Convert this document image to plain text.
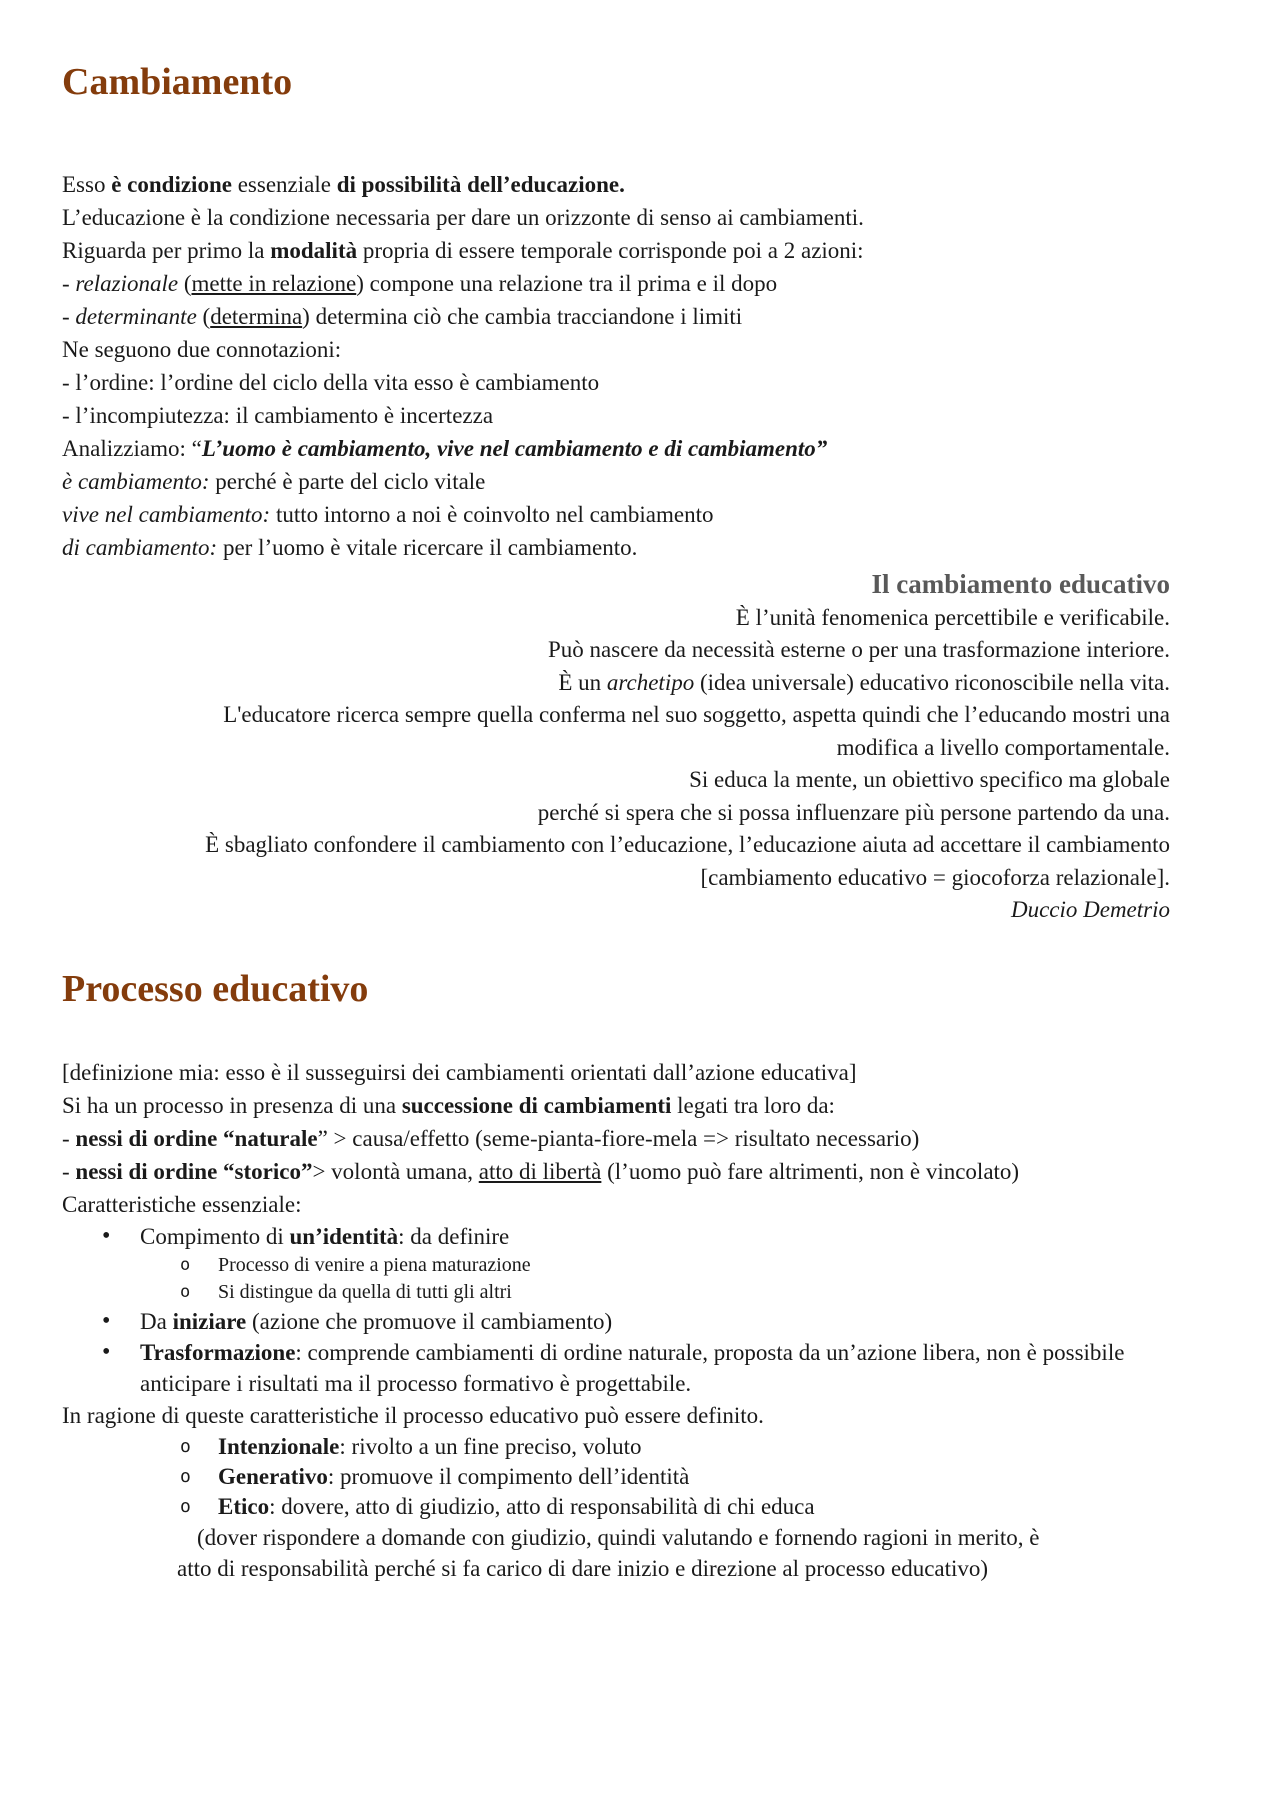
Cambiamento
Esso è condizione essenziale di possibilità dell’educazione.
L’educazione è la condizione necessaria per dare un orizzonte di senso ai cambiamenti.
Riguarda per primo la modalità propria di essere temporale corrisponde poi a 2 azioni:
- relazionale (mette in relazione) compone una relazione tra il prima e il dopo
- determinante (determina) determina ciò che cambia tracciandone i limiti
Ne seguono due connotazioni:
- l’ordine: l’ordine del ciclo della vita esso è cambiamento
- l’incompiutezza: il cambiamento è incertezza
Analizziamo: “L’uomo è cambiamento, vive nel cambiamento e di cambiamento”
è cambiamento: perché è parte del ciclo vitale
vive nel cambiamento: tutto intorno a noi è coinvolto nel cambiamento
di cambiamento: per l’uomo è vitale ricercare il cambiamento.
Il cambiamento educativo
È l’unità fenomenica percettibile e verificabile.
Può nascere da necessità esterne o per una trasformazione interiore.
È un archetipo (idea universale) educativo riconoscibile nella vita.
L'educatore ricerca sempre quella conferma nel suo soggetto, aspetta quindi che l’educando mostri una
modifica a livello comportamentale.
Si educa la mente, un obiettivo specifico ma globale
perché si spera che si possa influenzare più persone partendo da una.
È sbagliato confondere il cambiamento con l’educazione, l’educazione aiuta ad accettare il cambiamento
[cambiamento educativo = giocoforza relazionale].
Duccio Demetrio
Processo educativo
[definizione mia: esso è il susseguirsi dei cambiamenti orientati dall’azione educativa]
Si ha un processo in presenza di una successione di cambiamenti legati tra loro da:
- nessi di ordine “naturale” > causa/effetto (seme-pianta-fiore-mela => risultato necessario)
- nessi di ordine “storico”> volontà umana, atto di libertà (l’uomo può fare altrimenti, non è vincolato)
Caratteristiche essenziale:
• Compimento di un’identità: da definire
o Processo di venire a piena maturazione
o Si distingue da quella di tutti gli altri
• Da iniziare (azione che promuove il cambiamento)
• Trasformazione: comprende cambiamenti di ordine naturale, proposta da un’azione libera, non è possibile anticipare i risultati ma il processo formativo è progettabile.
In ragione di queste caratteristiche il processo educativo può essere definito.
o Intenzionale: rivolto a un fine preciso, voluto
o Generativo: promuove il compimento dell’identità
o Etico: dovere, atto di giudizio, atto di responsabilità di chi educa
(dover rispondere a domande con giudizio, quindi valutando e fornendo ragioni in merito, è
atto di responsabilità perché si fa carico di dare inizio e direzione al processo educativo)
